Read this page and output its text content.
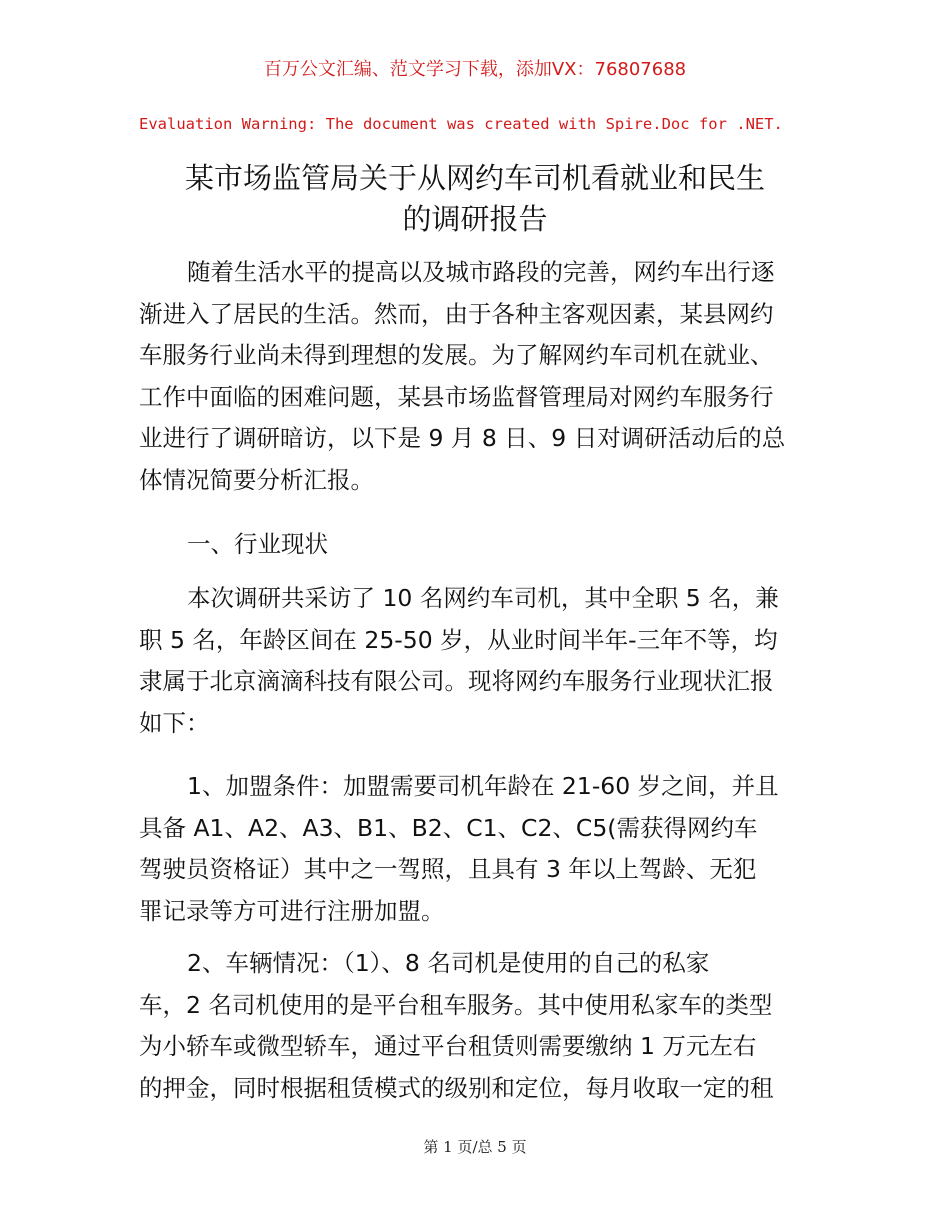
百万公文汇编、范文学习下载，添加VX：76807688
Evaluation Warning: The document was created with Spire.Doc for .NET.
某市场监管局关于从网约车司机看就业和民生
的调研报告
随着生活水平的提高以及城市路段的完善，网约车出行逐
渐进入了居民的生活。然而，由于各种主客观因素，某县网约
车服务行业尚未得到理想的发展。为了解网约车司机在就业、
工作中面临的困难问题，某县市场监督管理局对网约车服务行
业进行了调研暗访，以下是 9 月 8 日、9 日对调研活动后的总
体情况简要分析汇报。
一、行业现状
本次调研共采访了 10 名网约车司机，其中全职 5 名，兼
职 5 名，年龄区间在 25-50 岁，从业时间半年-三年不等，均
隶属于北京滴滴科技有限公司。现将网约车服务行业现状汇报
如下：
1、加盟条件：加盟需要司机年龄在 21-60 岁之间，并且
具备 A1、A2、A3、B1、B2、C1、C2、C5(需获得网约车
驾驶员资格证）其中之一驾照，且具有 3 年以上驾龄、无犯
罪记录等方可进行注册加盟。
2、车辆情况：（1）、8 名司机是使用的自己的私家
车，2 名司机使用的是平台租车服务。其中使用私家车的类型
为小轿车或微型轿车，通过平台租赁则需要缴纳 1 万元左右
的押金，同时根据租赁模式的级别和定位，每月收取一定的租
第 1 页/总 5 页
